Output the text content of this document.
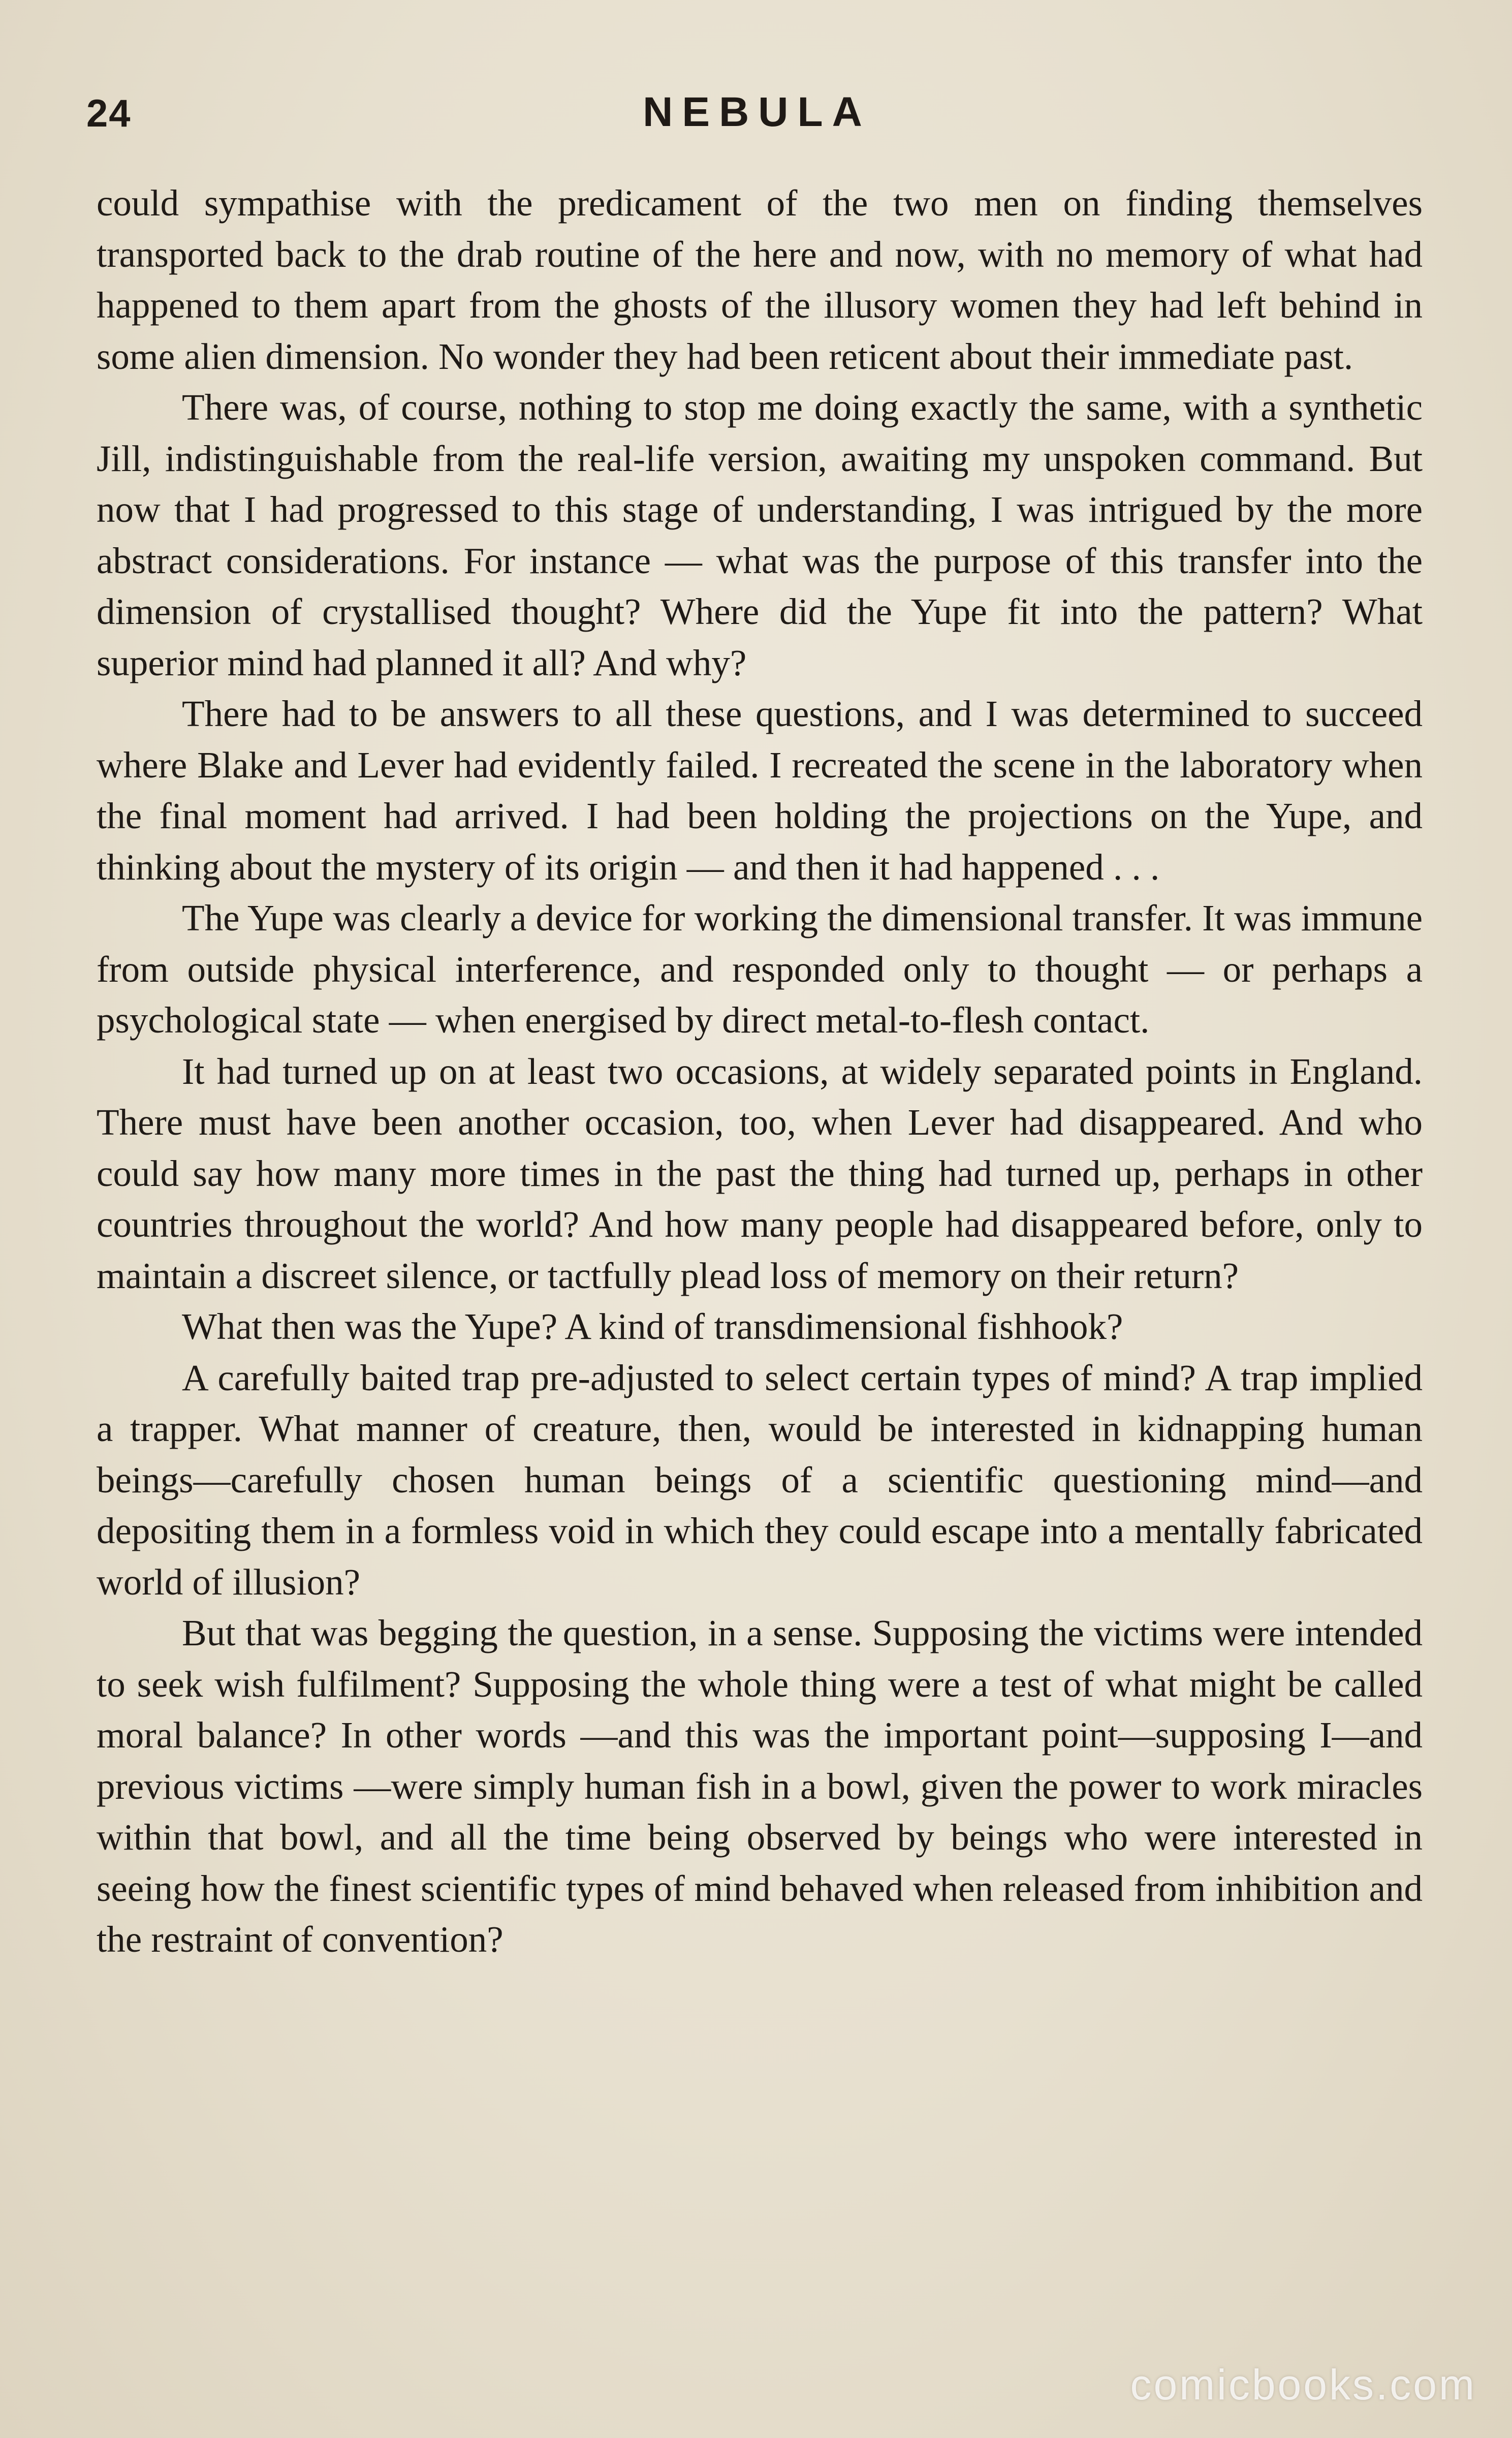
24	NEBULA

could sympathise with the predicament of the two men on finding themselves transported back to the drab routine of the here and now, with no memory of what had happened to them apart from the ghosts of the illusory women they had left behind in some alien dimension. No wonder they had been reticent about their immediate past.

There was, of course, nothing to stop me doing exactly the same, with a synthetic Jill, indistinguishable from the real-life version, awaiting my unspoken command. But now that I had progressed to this stage of understanding, I was intrigued by the more abstract considerations. For instance — what was the purpose of this transfer into the dimension of crystallised thought? Where did the Yupe fit into the pattern? What superior mind had planned it all? And why?

There had to be answers to all these questions, and I was determined to succeed where Blake and Lever had evidently failed. I recreated the scene in the laboratory when the final moment had arrived. I had been holding the projections on the Yupe, and thinking about the mystery of its origin — and then it had happened . . .

The Yupe was clearly a device for working the dimensional transfer. It was immune from outside physical interference, and responded only to thought — or perhaps a psychological state — when energised by direct metal-to-flesh contact.

It had turned up on at least two occasions, at widely separated points in England. There must have been another occasion, too, when Lever had disappeared. And who could say how many more times in the past the thing had turned up, perhaps in other countries throughout the world? And how many people had disappeared before, only to maintain a discreet silence, or tactfully plead loss of memory on their return?

What then was the Yupe? A kind of transdimensional fishhook?

A carefully baited trap pre-adjusted to select certain types of mind? A trap implied a trapper. What manner of creature, then, would be interested in kidnapping human beings—carefully chosen human beings of a scientific questioning mind—and depositing them in a formless void in which they could escape into a mentally fabricated world of illusion?

But that was begging the question, in a sense. Supposing the victims were intended to seek wish fulfilment? Supposing the whole thing were a test of what might be called moral balance? In other words —and this was the important point—supposing I—and previous victims —were simply human fish in a bowl, given the power to work miracles within that bowl, and all the time being observed by beings who were interested in seeing how the finest scientific types of mind behaved when released from inhibition and the restraint of convention?

comicbooks.com
